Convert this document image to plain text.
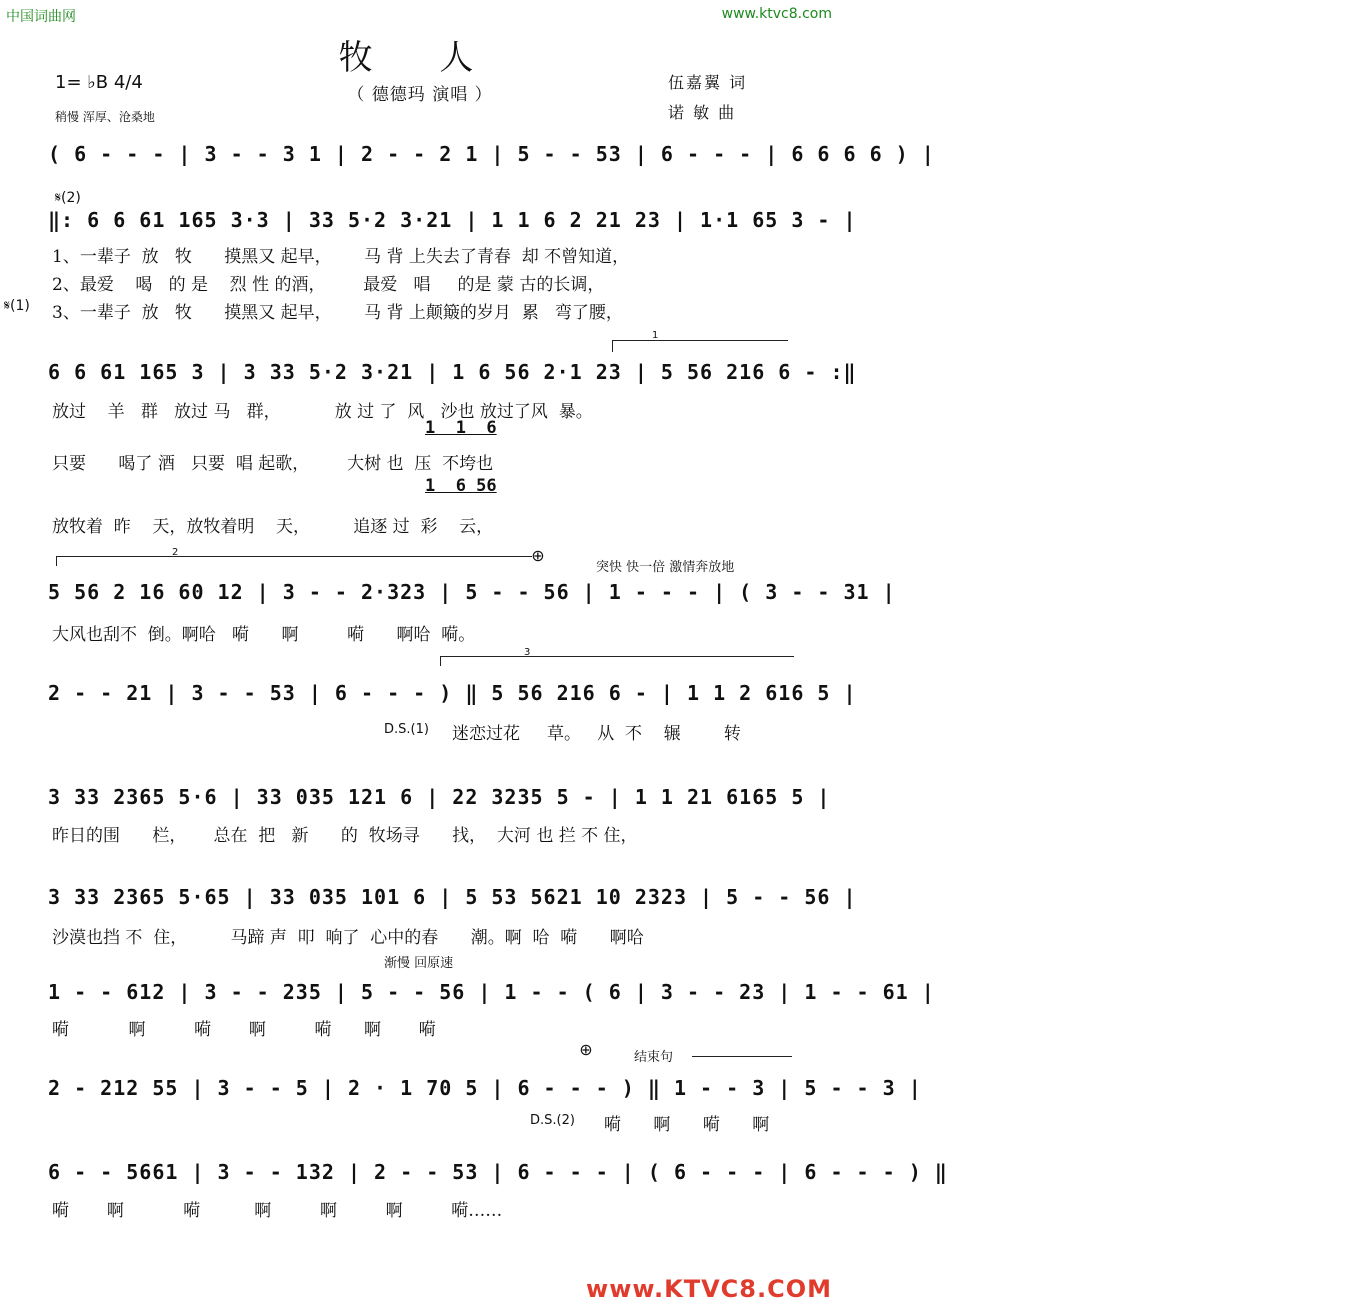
中国词曲网	www.ktvc8.com
牧 人
（ 德德玛 演唱 ）
1= ♭B 4/4
稍慢 浑厚、沧桑地
伍嘉翼 词
诺 敏 曲
( 6 - - - | 3 - - 3 1 | 2 - - 2 1 | 5 - - 53 | 6 - - - | 6 6 6 6 ) |
𝄋(2)
‖: 6 6 61 165 3·3 | 33 5·2 3·21 | 1 1 6 2 21 23 | 1·1 65 3 - |
1、一辈子  放   牧      摸黑又 起早，      马 背 上失去了青春  却 不曾知道，
2、最爱    喝   的 是    烈 性 的酒，       最爱   唱     的是 蒙 古的长调，
𝄋(1) 3、一辈子  放   牧      摸黑又 起早，      马 背 上颠簸的岁月  累   弯了腰，
1
6 6 61 165 3 | 3 33 5·2 3·21 | 1 6 56 2·1 23 | 5 56 216 6 - :‖
放过    羊   群   放过 马   群，          放 过 了  风   沙也 放过了风  暴。
1  1  6
只要      喝了 酒   只要  唱 起歌，       大树 也  压  不垮也
1  6 56
放牧着  昨    天，放牧着明    天，        追逐 过  彩    云，
2	⊕
突快 快一倍 激情奔放地
5 56 2 16 60 12 | 3 - - 2·323 | 5 - - 56 | 1 - - - | ( 3 - - 31 |
大风也刮不  倒。啊哈   嗬      啊         嗬      啊哈  嗬。
3
2 - - 21 | 3 - - 53 | 6 - - - ) ‖ 5 56 216 6 - | 1 1 2 616 5 |
D.S.(1) 迷恋过花     草。   从  不    辗        转
3 33 2365 5·6 | 33 035 121 6 | 22 3235 5 - | 1 1 21 6165 5 |
昨日的围      栏，     总在  把   新      的  牧场寻      找，  大河 也 拦 不 住，
3 33 2365 5·65 | 33 035 101 6 | 5 53 5621 10 2323 | 5 - - 56 |
沙漠也挡 不  住，        马蹄 声  叩  响了  心中的春      潮。啊  哈  嗬      啊哈
渐慢 回原速
1 - - 612 | 3 - - 235 | 5 - - 56 | 1 - - ( 6 | 3 - - 23 | 1 - - 61 |
嗬           啊         嗬       啊         嗬      啊       嗬
⊕	结束句
2 - 212 55 | 3 - - 5 | 2 · 1 70 5 | 6 - - - ) ‖ 1 - - 3 | 5 - - 3 |
D.S.(2) 嗬      啊      嗬      啊
6 - - 5661 | 3 - - 132 | 2 - - 53 | 6 - - - | ( 6 - - - | 6 - - - ) ‖
嗬       啊           嗬          啊         啊         啊         嗬……
www.KTVC8.COM
